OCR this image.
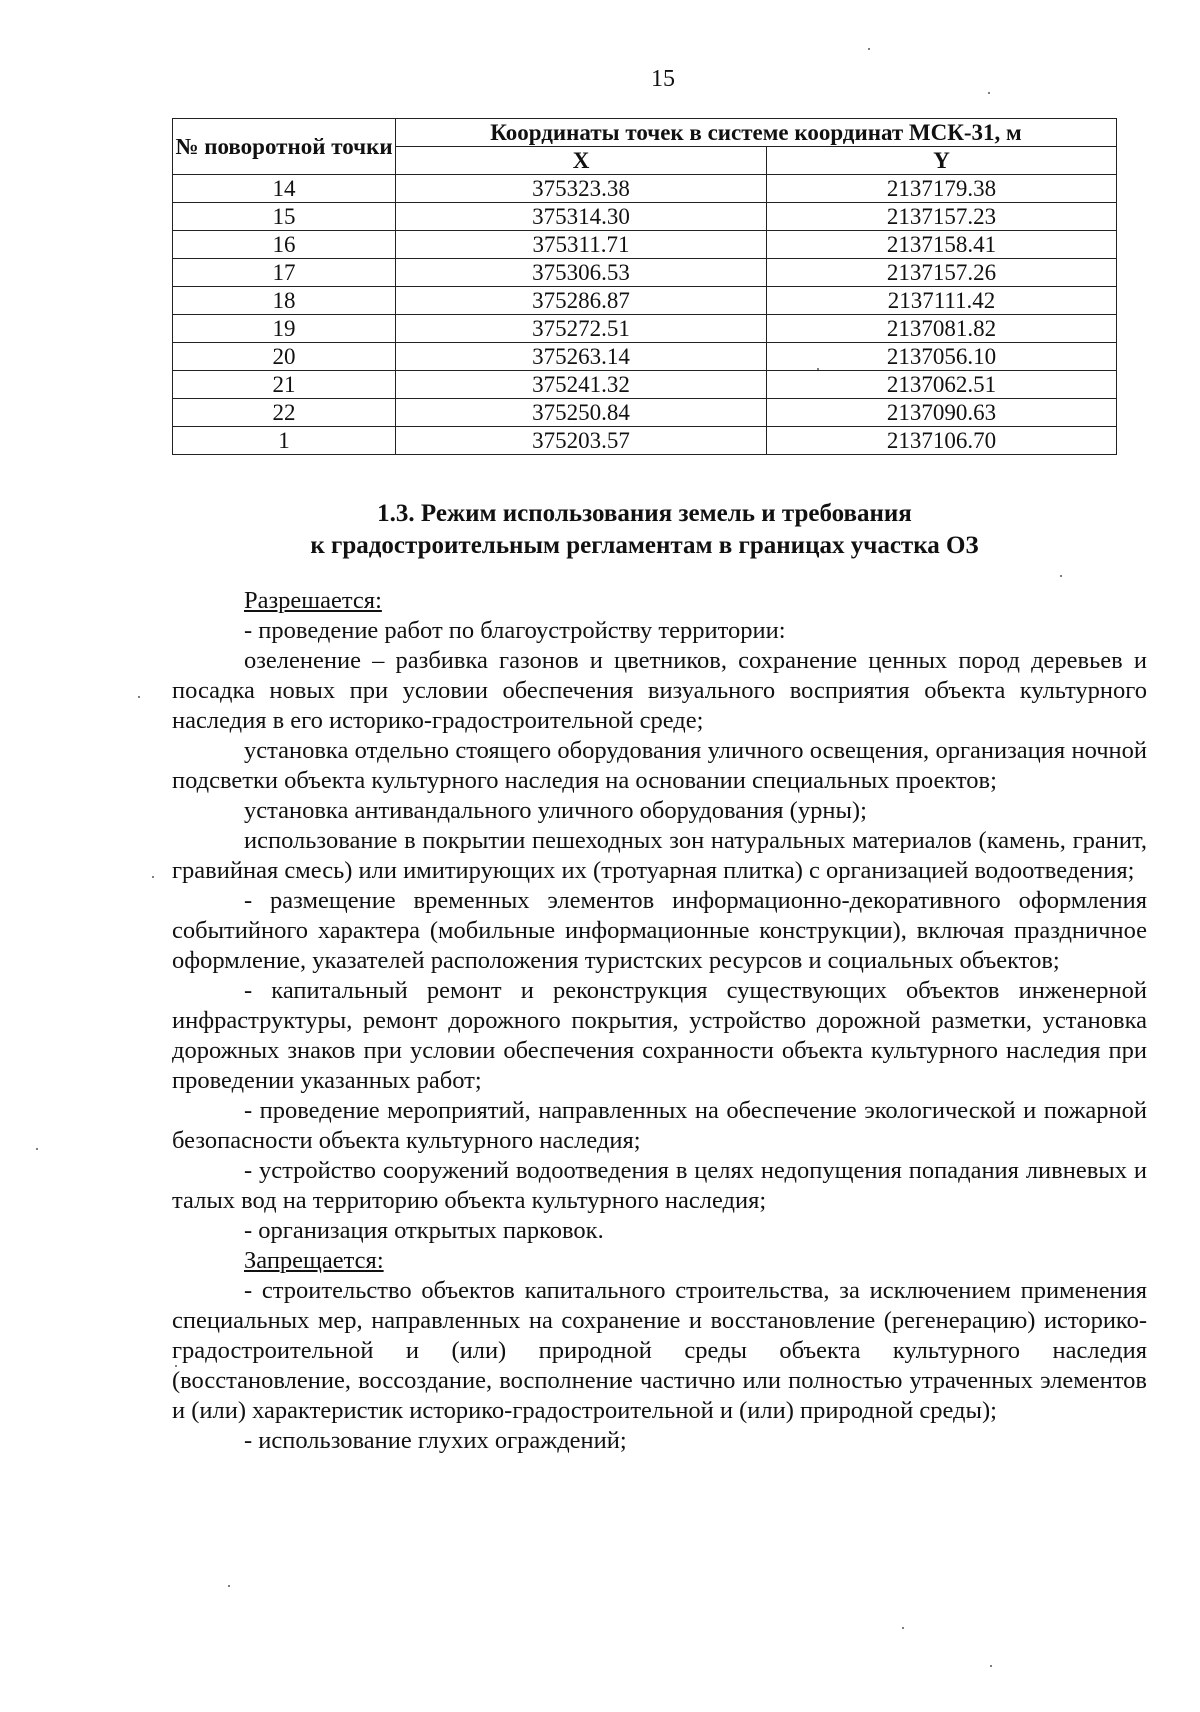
15
№ поворотной точки	Координаты точек в системе координат МСК-31, м	
	X	Y
14	375323.38	2137179.38
15	375314.30	2137157.23
16	375311.71	2137158.41
17	375306.53	2137157.26
18	375286.87	2137111.42
19	375272.51	2137081.82
20	375263.14	2137056.10
21	375241.32	2137062.51
22	375250.84	2137090.63
1	375203.57	2137106.70
1.3. Режим использования земель и требования
к градостроительным регламентам в границах участка ОЗ

Разрешается:

- проведение работ по благоустройству территории:

озеленение – разбивка газонов и цветников, сохранение ценных пород деревьев и посадка новых при условии обеспечения визуального восприятия объекта культурного наследия в его историко-градостроительной среде;

установка отдельно стоящего оборудования уличного освещения, организация ночной подсветки объекта культурного наследия на основании специальных проектов;

установка антивандального уличного оборудования (урны);

использование в покрытии пешеходных зон натуральных материалов (камень, гранит, гравийная смесь) или имитирующих их (тротуарная плитка) с организацией водоотведения;

- размещение временных элементов информационно-декоративного оформления событийного характера (мобильные информационные конструкции), включая праздничное оформление, указателей расположения туристских ресурсов и социальных объектов;

- капитальный ремонт и реконструкция существующих объектов инженерной инфраструктуры, ремонт дорожного покрытия, устройство дорожной разметки, установка дорожных знаков при условии обеспечения сохранности объекта культурного наследия при проведении указанных работ;

- проведение мероприятий, направленных на обеспечение экологической и пожарной безопасности объекта культурного наследия;

- устройство сооружений водоотведения в целях недопущения попадания ливневых и талых вод на территорию объекта культурного наследия;

- организация открытых парковок.

Запрещается:

- строительство объектов капитального строительства, за исключением применения специальных мер, направленных на сохранение и восстановление (регенерацию) историко-градостроительной и (или) природной среды объекта культурного наследия (восстановление, воссоздание, восполнение частично или полностью утраченных элементов и (или) характеристик историко-градостроительной и (или) природной среды);

- использование глухих ограждений;
